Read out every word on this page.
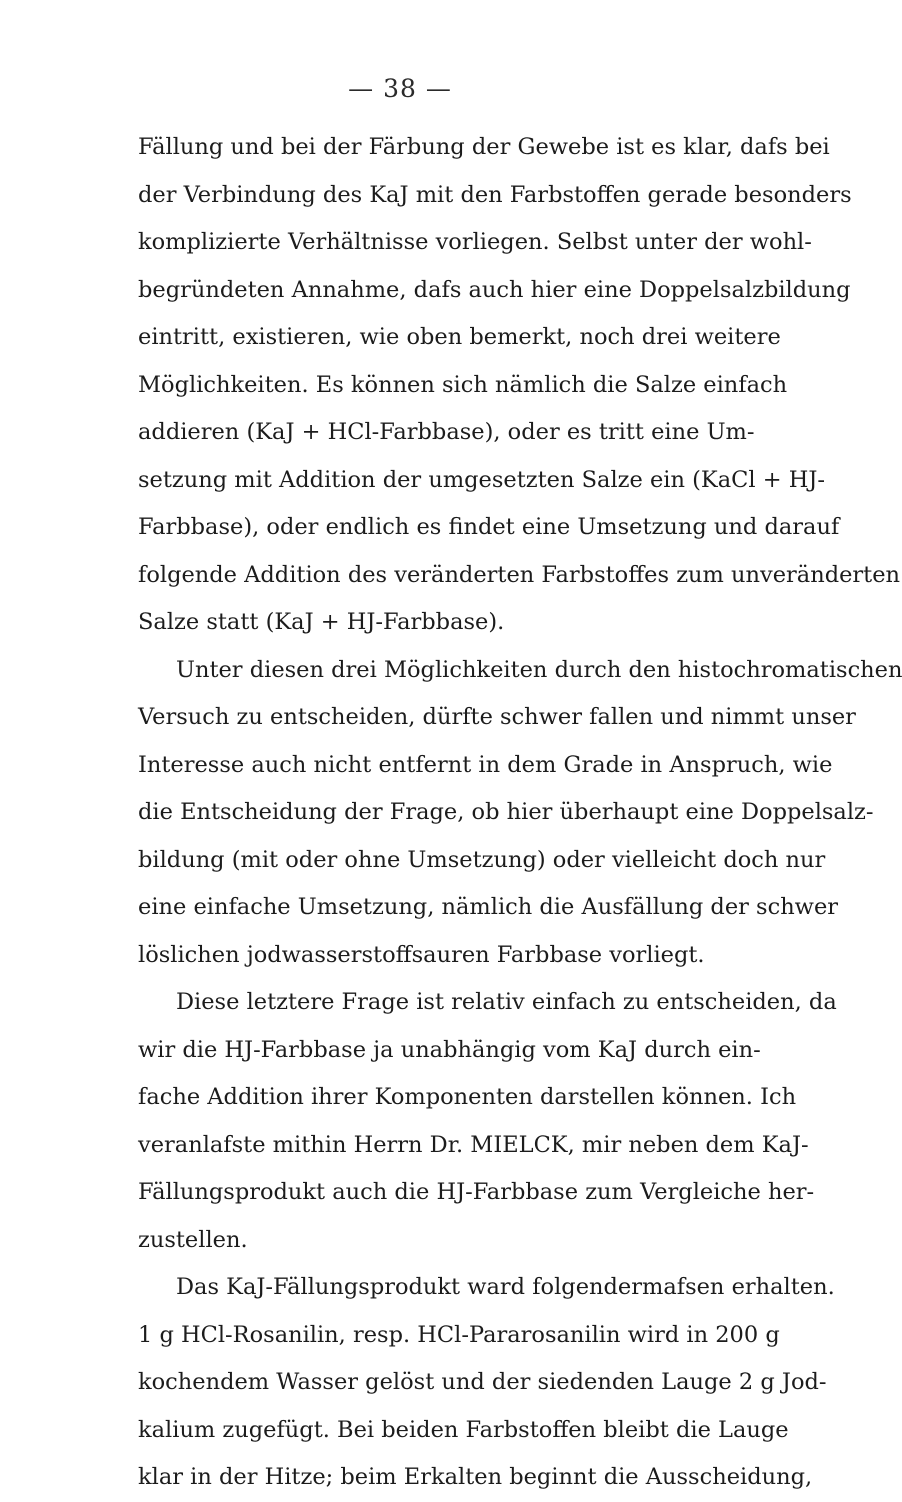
— 38 —
Fällung und bei der Färbung der Gewebe ist es klar, dafs bei
der Verbindung des KaJ mit den Farbstoffen gerade besonders
komplizierte Verhältnisse vorliegen. Selbst unter der wohl-
begründeten Annahme, dafs auch hier eine Doppelsalzbildung
eintritt, existieren, wie oben bemerkt, noch drei weitere
Möglichkeiten. Es können sich nämlich die Salze einfach
addieren (KaJ + HCl-Farbbase), oder es tritt eine Um-
setzung mit Addition der umgesetzten Salze ein (KaCl + HJ-
Farbbase), oder endlich es findet eine Umsetzung und darauf
folgende Addition des veränderten Farbstoffes zum unveränderten
Salze statt (KaJ + HJ-Farbbase).
Unter diesen drei Möglichkeiten durch den histochromatischen
Versuch zu entscheiden, dürfte schwer fallen und nimmt unser
Interesse auch nicht entfernt in dem Grade in Anspruch, wie
die Entscheidung der Frage, ob hier überhaupt eine Doppelsalz-
bildung (mit oder ohne Umsetzung) oder vielleicht doch nur
eine einfache Umsetzung, nämlich die Ausfällung der schwer
löslichen jodwasserstoffsauren Farbbase vorliegt.
Diese letztere Frage ist relativ einfach zu entscheiden, da
wir die HJ-Farbbase ja unabhängig vom KaJ durch ein-
fache Addition ihrer Komponenten darstellen können. Ich
veranlafste mithin Herrn Dr. MIELCK, mir neben dem KaJ-
Fällungsprodukt auch die HJ-Farbbase zum Vergleiche her-
zustellen.
Das KaJ-Fällungsprodukt ward folgendermafsen erhalten.
1 g HCl-Rosanilin, resp. HCl-Pararosanilin wird in 200 g
kochendem Wasser gelöst und der siedenden Lauge 2 g Jod-
kalium zugefügt. Bei beiden Farbstoffen bleibt die Lauge
klar in der Hitze; beim Erkalten beginnt die Ausscheidung,
